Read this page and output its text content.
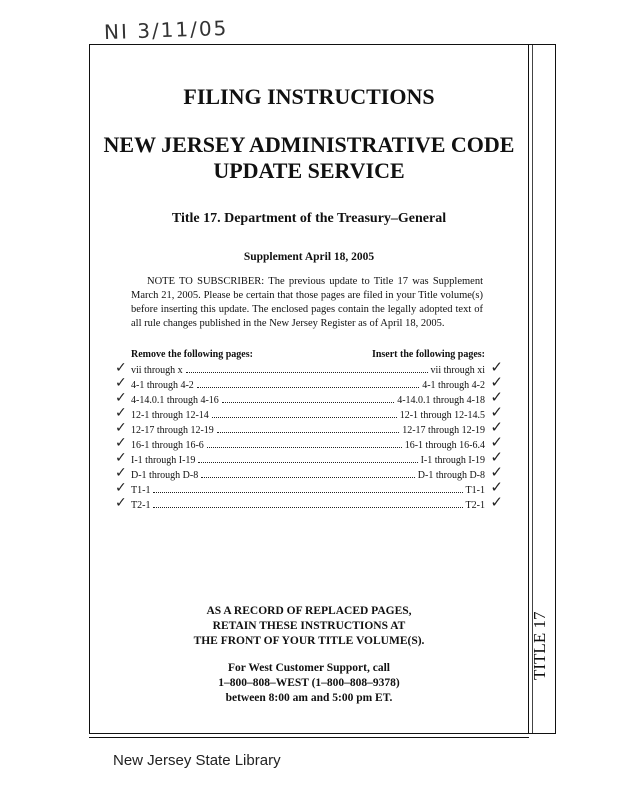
NI 3/11/05
TITLE 17
FILING INSTRUCTIONS
NEW JERSEY ADMINISTRATIVE CODE
UPDATE SERVICE
Title 17. Department of the Treasury–General
Supplement April 18, 2005
NOTE TO SUBSCRIBER: The previous update to Title 17 was Supplement March 21, 2005. Please be certain that those pages are filed in your Title volume(s) before inserting this update. The enclosed pages contain the legally adopted text of all rule changes published in the New Jersey Register as of April 18, 2005.
Remove the following pages:	Insert the following pages:
✓ vii through x	vii through xi ✓
✓ 4-1 through 4-2	4-1 through 4-2 ✓
✓ 4-14.0.1 through 4-16	4-14.0.1 through 4-18 ✓
✓ 12-1 through 12-14	12-1 through 12-14.5 ✓
✓ 12-17 through 12-19	12-17 through 12-19 ✓
✓ 16-1 through 16-6	16-1 through 16-6.4 ✓
✓ I-1 through I-19	I-1 through I-19 ✓
✓ D-1 through D-8	D-1 through D-8 ✓
✓ T1-1	T1-1 ✓
✓ T2-1	T2-1 ✓
AS A RECORD OF REPLACED PAGES,
RETAIN THESE INSTRUCTIONS AT
THE FRONT OF YOUR TITLE VOLUME(S).
For West Customer Support, call
1–800–808–WEST (1–800–808–9378)
between 8:00 am and 5:00 pm ET.
New Jersey State Library
